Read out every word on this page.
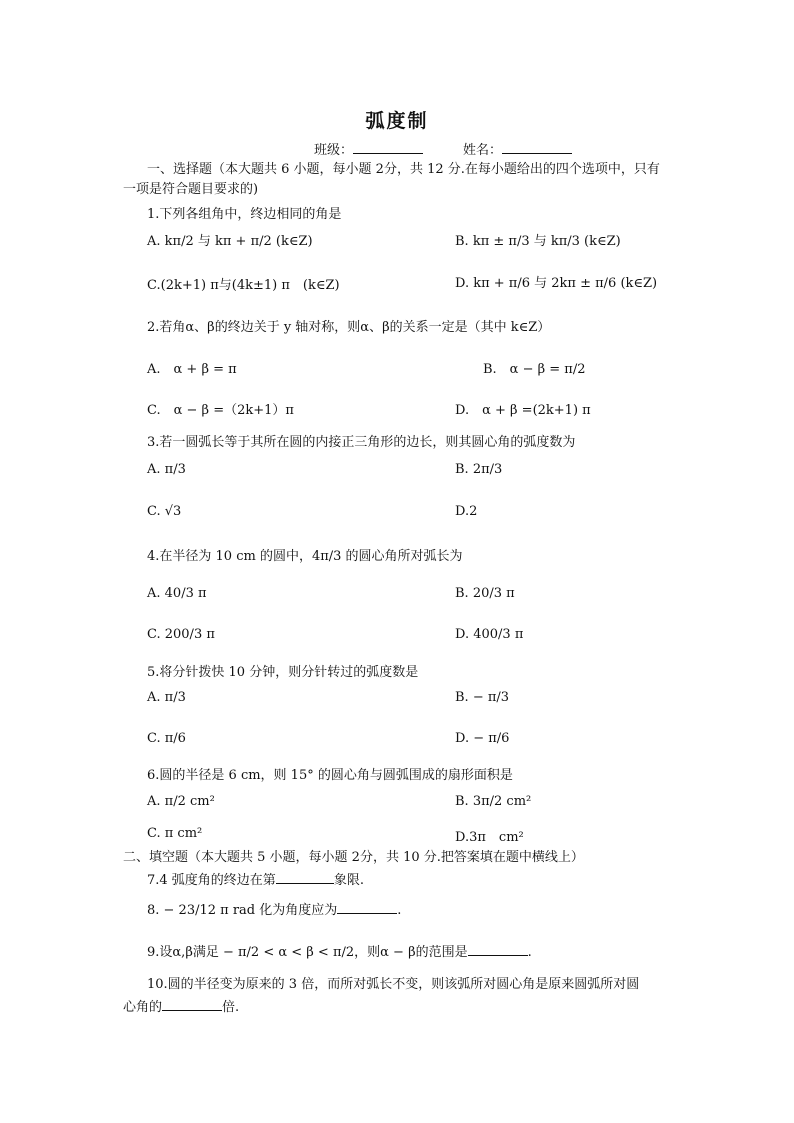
弧度制
班级：	姓名：
一、选择题（本大题共 6 小题，每小题 2分，共 12 分.在每小题给出的四个选项中，只有一项是符合题目要求的)
1.下列各组角中，终边相同的角是
A. kπ/2 与 kπ + π/2 (k∈Z)	B. kπ ± π/3 与 kπ/3 (k∈Z)
C.(2k+1) π与(4k±1) π　(k∈Z)	D. kπ + π/6 与 2kπ ± π/6 (k∈Z)
2.若角α、β的终边关于 y 轴对称，则α、β的关系一定是（其中 k∈Z）
A.　α + β = π	B.　α − β = π/2
C.　α − β =（2k+1）π	D.　α + β =(2k+1) π
3.若一圆弧长等于其所在圆的内接正三角形的边长，则其圆心角的弧度数为
A. π/3	B. 2π/3
C. √3	D.2
4.在半径为 10 cm 的圆中，4π/3 的圆心角所对弧长为
A. 40/3 π	B. 20/3 π
C. 200/3 π	D. 400/3 π
5.将分针拨快 10 分钟，则分针转过的弧度数是
A. π/3	B. − π/3
C. π/6	D. − π/6
6.圆的半径是 6 cm，则 15° 的圆心角与圆弧围成的扇形面积是
A. π/2 cm²	B. 3π/2 cm²
C. π cm²	D.3π　cm²
二、填空题（本大题共 5 小题，每小题 2分，共 10 分.把答案填在题中横线上）
7.4 弧度角的终边在第	象限.
8. − 23/12 π rad 化为角度应为	.
9.设α,β满足 − π/2 < α < β < π/2，则α − β的范围是	.
10.圆的半径变为原来的 3 倍，而所对弧长不变，则该弧所对圆心角是原来圆弧所对圆
心角的	倍.
